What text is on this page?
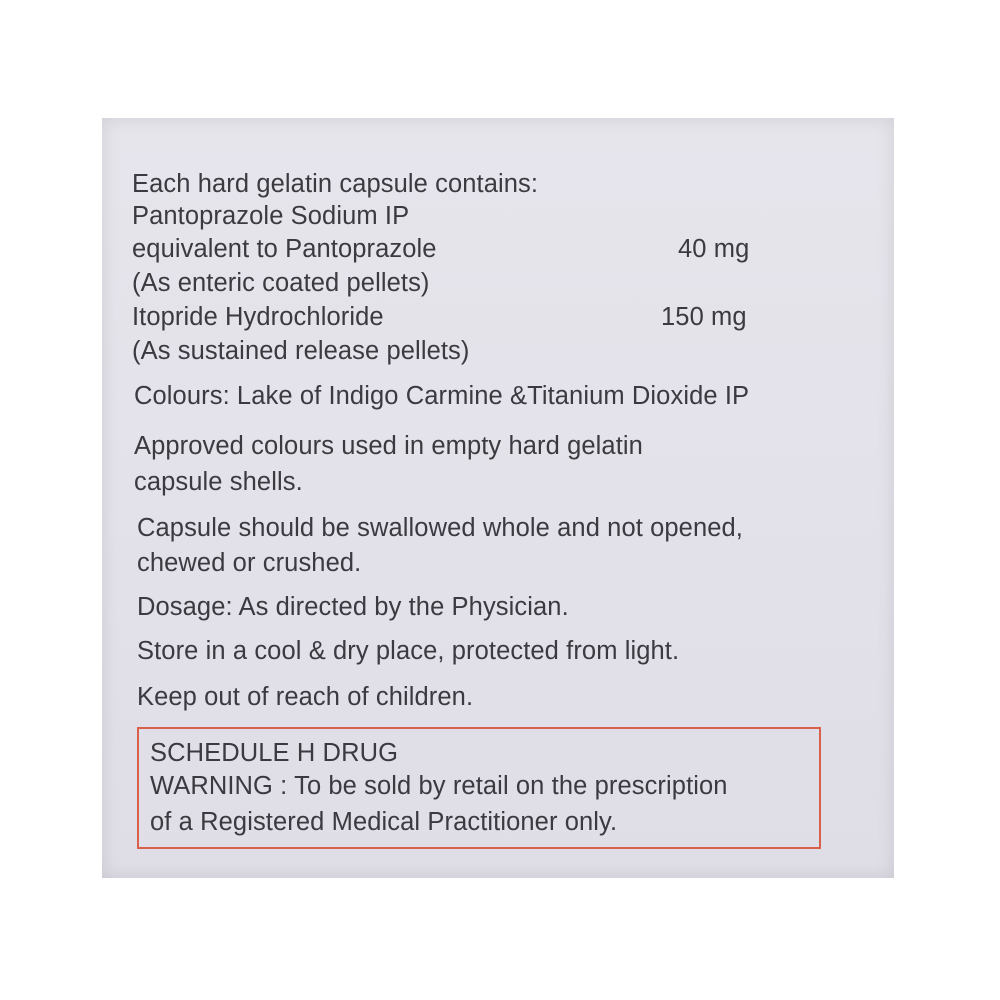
Each hard gelatin capsule contains:
Pantoprazole Sodium IP
equivalent to Pantoprazole	40 mg
(As enteric coated pellets)
Itopride Hydrochloride	150 mg
(As sustained release pellets)
Colours: Lake of Indigo Carmine &Titanium Dioxide IP
Approved colours used in empty hard gelatin
capsule shells.
Capsule should be swallowed whole and not opened,
chewed or crushed.
Dosage: As directed by the Physician.
Store in a cool & dry place, protected from light.
Keep out of reach of children.
SCHEDULE H DRUG
WARNING : To be sold by retail on the prescription
of a Registered Medical Practitioner only.
